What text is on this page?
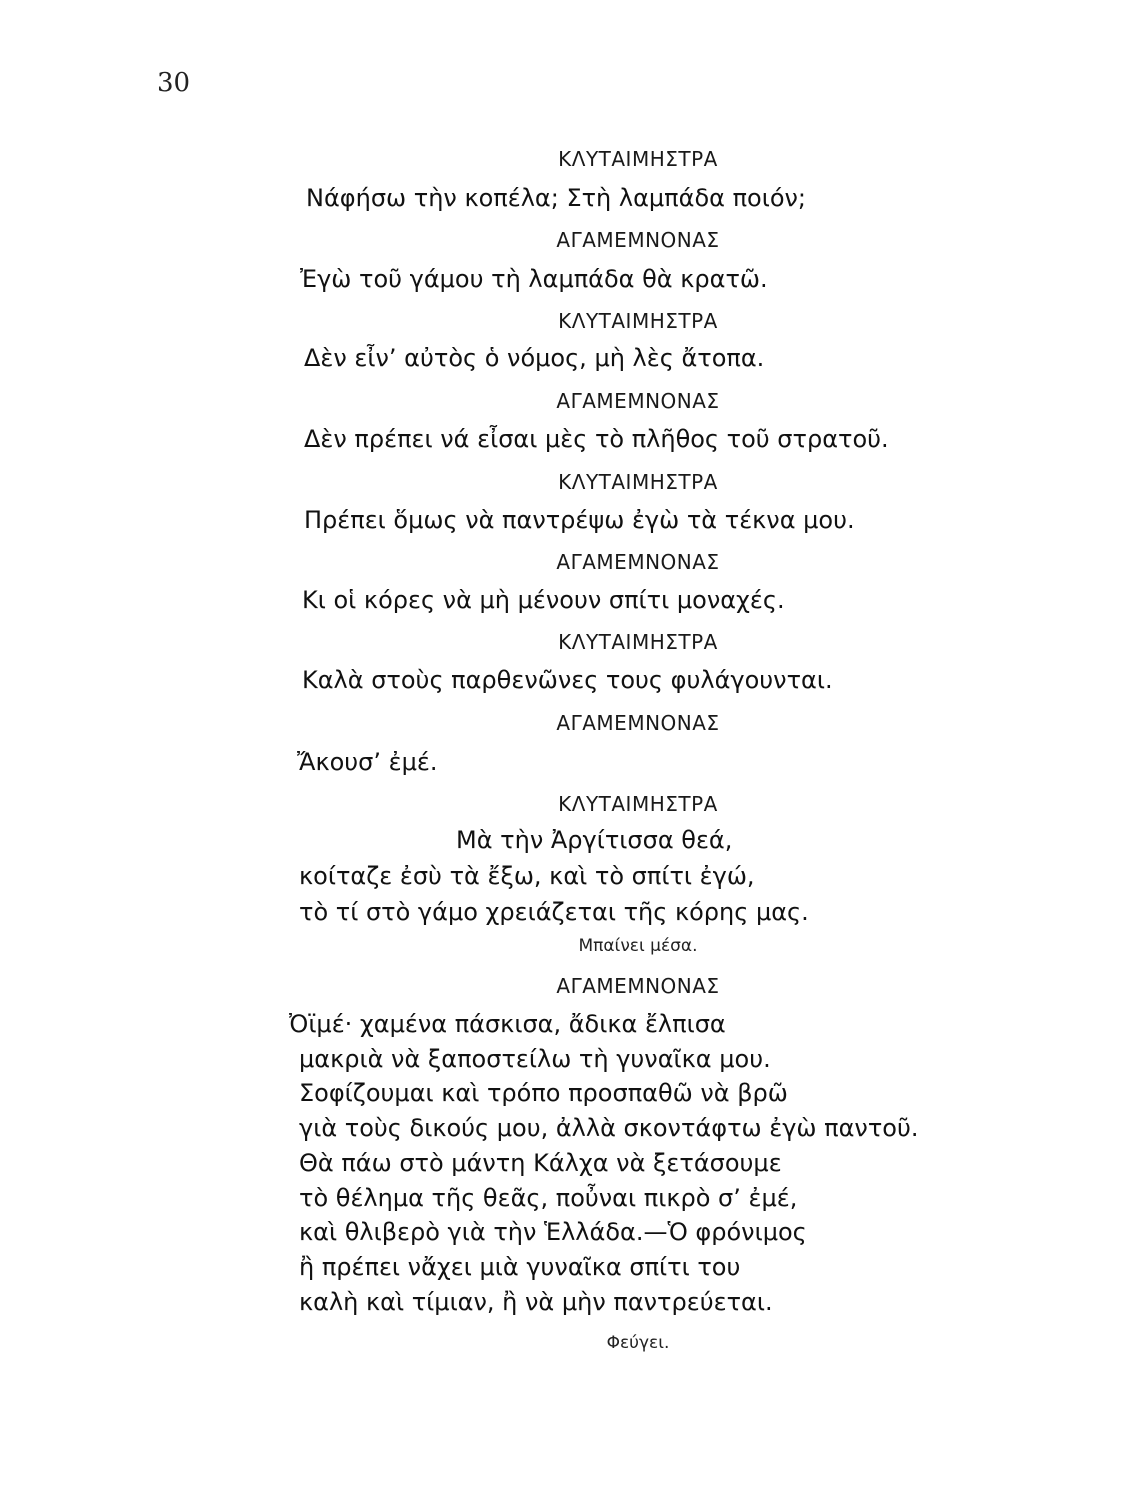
30
ΚΛΥΤΑΙΜΗΣΤΡΑ
Νάφήσω τὴν κοπέλα; Στὴ λαμπάδα ποιόν;
ΑΓΑΜΕΜΝΟΝΑΣ
Ἐγὼ τοῦ γάμου τὴ λαμπάδα θὰ κρατῶ.
ΚΛΥΤΑΙΜΗΣΤΡΑ
Δὲν εἶν’ αὐτὸς ὁ νόμος, μὴ λὲς ἄτοπα.
ΑΓΑΜΕΜΝΟΝΑΣ
Δὲν πρέπει νά εἶσαι μὲς τὸ πλῆθος τοῦ στρατοῦ.
ΚΛΥΤΑΙΜΗΣΤΡΑ
Πρέπει ὅμως νὰ παντρέψω ἐγὼ τὰ τέκνα μου.
ΑΓΑΜΕΜΝΟΝΑΣ
Κι οἱ κόρες νὰ μὴ μένουν σπίτι μοναχές.
ΚΛΥΤΑΙΜΗΣΤΡΑ
Καλὰ στοὺς παρθενῶνες τους φυλάγουνται.
ΑΓΑΜΕΜΝΟΝΑΣ
Ἄκουσ’ ἐμέ.
ΚΛΥΤΑΙΜΗΣΤΡΑ
Μὰ τὴν Ἀργίτισσα θεά,
κοίταζε ἐσὺ τὰ ἔξω, καὶ τὸ σπίτι ἐγώ,
τὸ τί στὸ γάμο χρειάζεται τῆς κόρης μας.
Μπαίνει μέσα.
ΑΓΑΜΕΜΝΟΝΑΣ
Ὀϊμέ· χαμένα πάσκισα, ἄδικα ἔλπισα
μακριὰ νὰ ξαποστείλω τὴ γυναῖκα μου.
Σοφίζουμαι καὶ τρόπο προσπαθῶ νὰ βρῶ
γιὰ τοὺς δικούς μου, ἀλλὰ σκοντάφτω ἐγὼ παντοῦ.
Θὰ πάω στὸ μάντη Κάλχα νὰ ξετάσουμε
τὸ θέλημα τῆς θεᾶς, ποὖναι πικρὸ σ’ ἐμέ,
καὶ θλιβερὸ γιὰ τὴν Ἑλλάδα.—Ὁ φρόνιμος
ἢ πρέπει νἄχει μιὰ γυναῖκα σπίτι του
καλὴ καὶ τίμιαν, ἢ νὰ μὴν παντρεύεται.
Φεύγει.
